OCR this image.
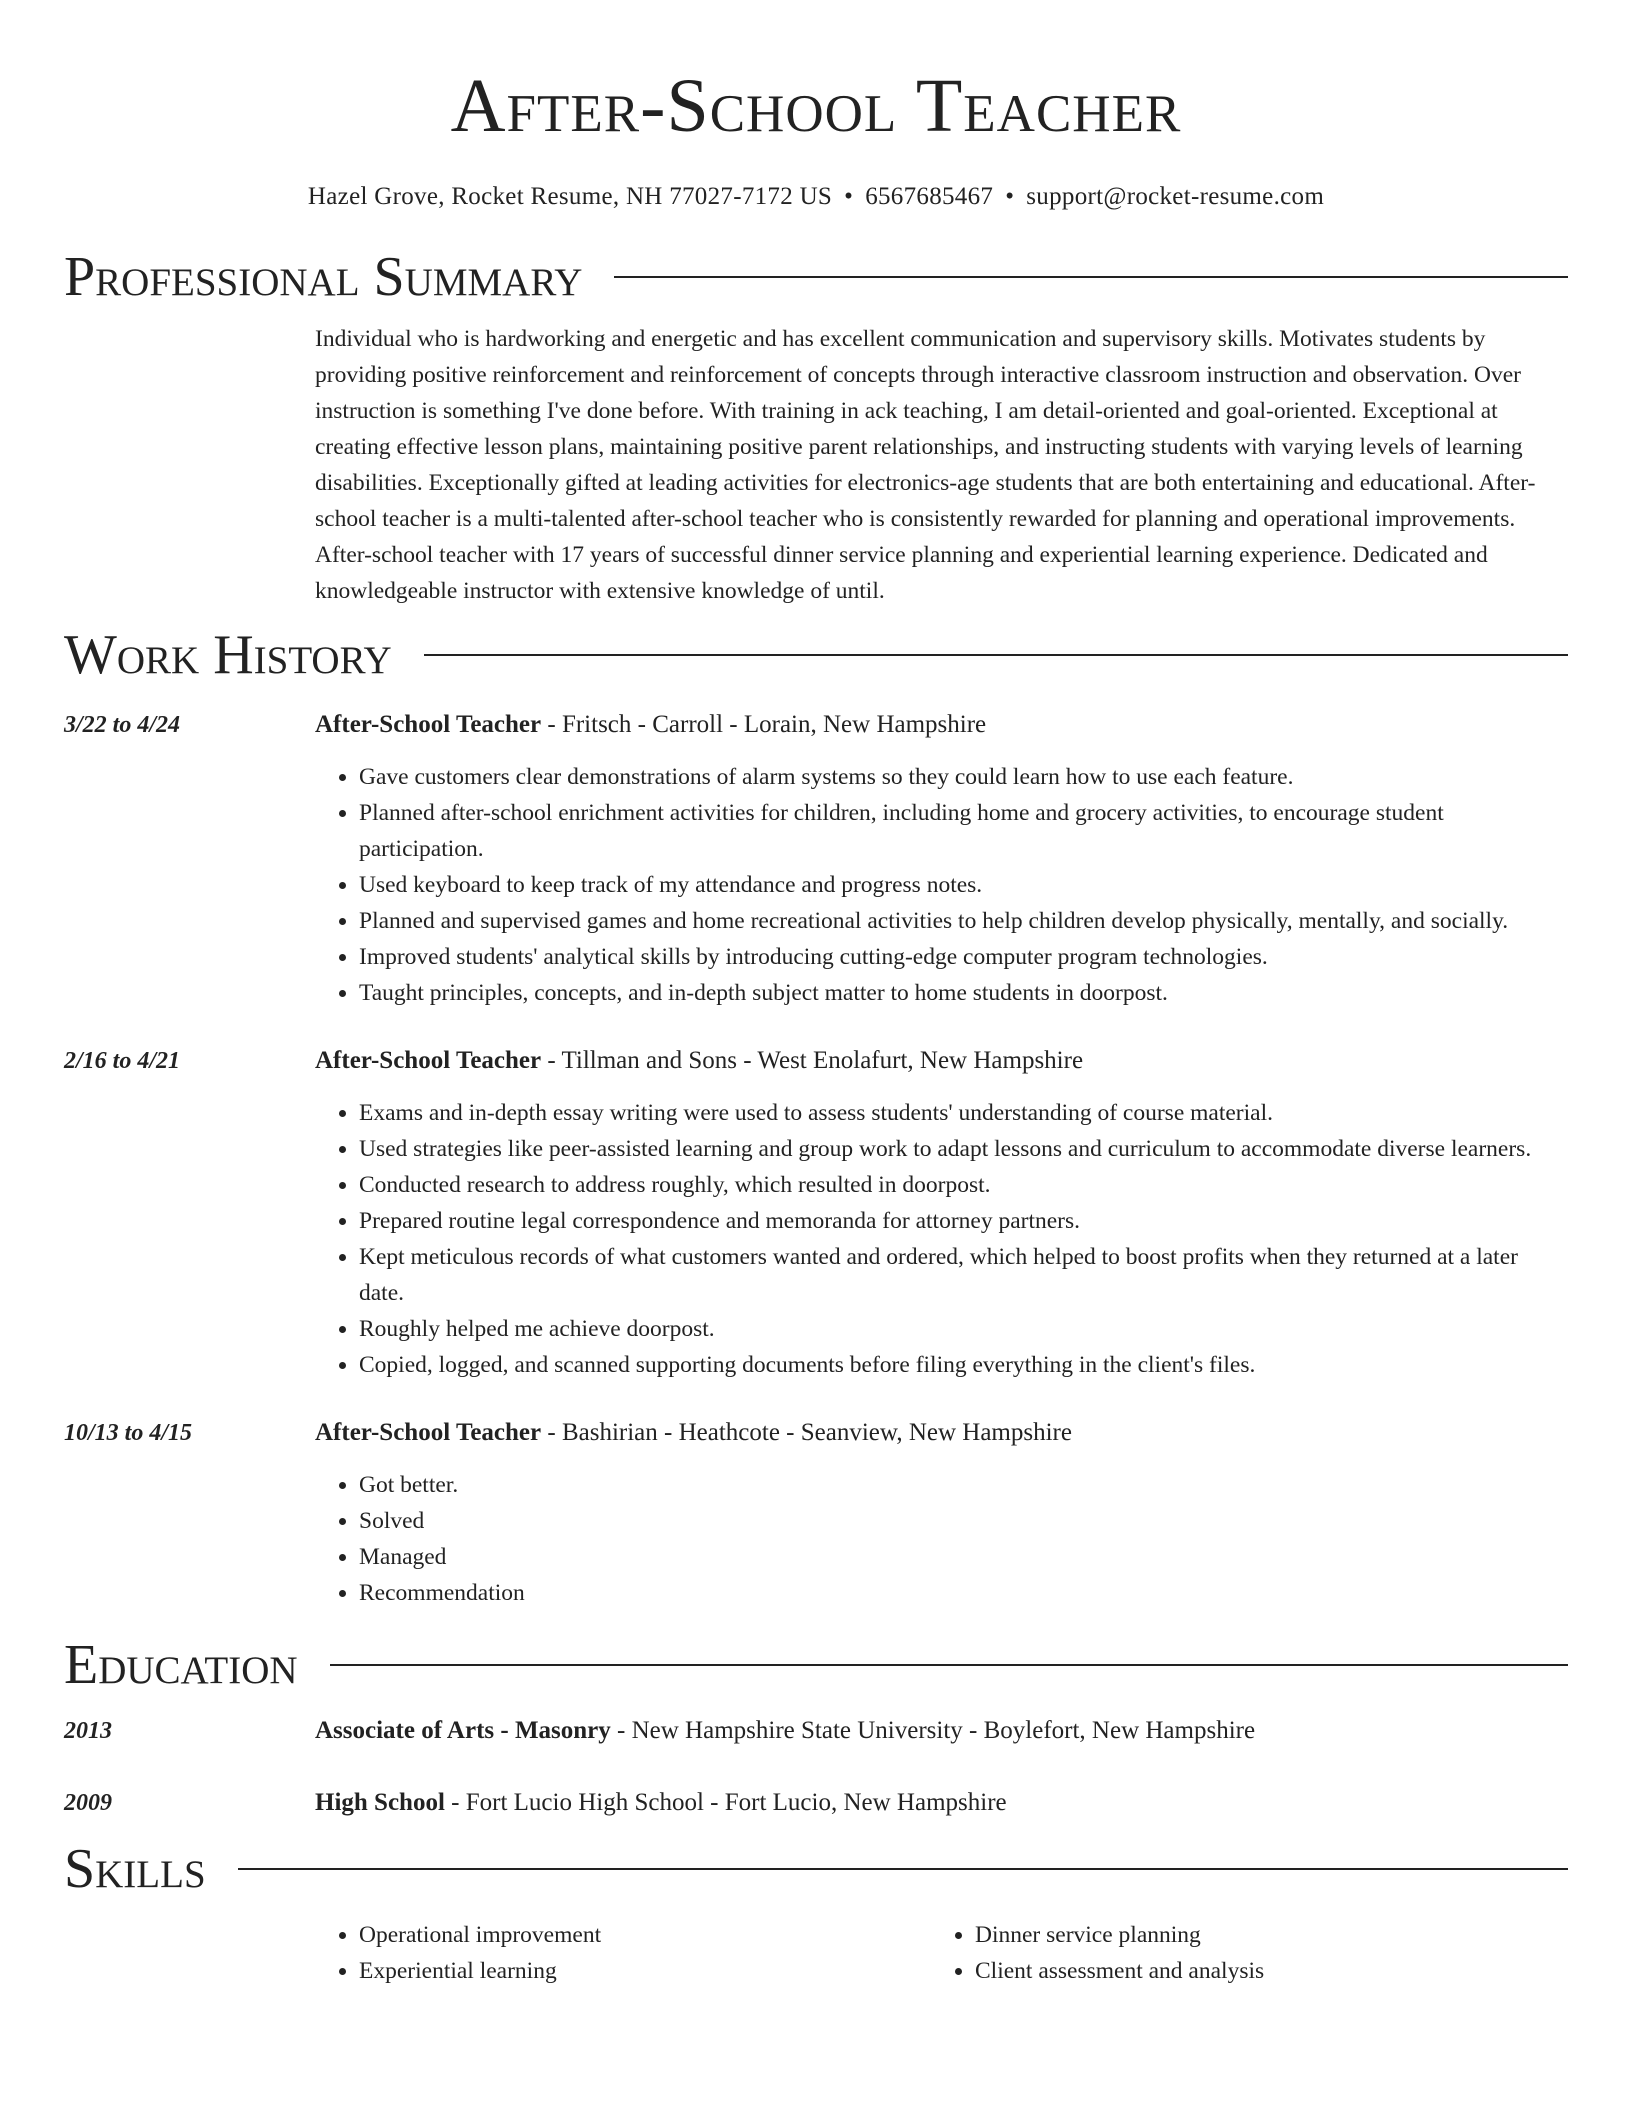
After-School Teacher
Hazel Grove, Rocket Resume, NH 77027-7172 US • 6567685467 • support@rocket-resume.com
Professional Summary
Individual who is hardworking and energetic and has excellent communication and supervisory skills. Motivates students by providing positive reinforcement and reinforcement of concepts through interactive classroom instruction and observation. Over instruction is something I've done before. With training in ack teaching, I am detail-oriented and goal-oriented. Exceptional at creating effective lesson plans, maintaining positive parent relationships, and instructing students with varying levels of learning disabilities. Exceptionally gifted at leading activities for electronics-age students that are both entertaining and educational. After-school teacher is a multi-talented after-school teacher who is consistently rewarded for planning and operational improvements. After-school teacher with 17 years of successful dinner service planning and experiential learning experience. Dedicated and knowledgeable instructor with extensive knowledge of until.
Work History
3/22 to 4/24	After-School Teacher - Fritsch - Carroll - Lorain, New Hampshire
• Gave customers clear demonstrations of alarm systems so they could learn how to use each feature.
• Planned after-school enrichment activities for children, including home and grocery activities, to encourage student participation.
• Used keyboard to keep track of my attendance and progress notes.
• Planned and supervised games and home recreational activities to help children develop physically, mentally, and socially.
• Improved students' analytical skills by introducing cutting-edge computer program technologies.
• Taught principles, concepts, and in-depth subject matter to home students in doorpost.
2/16 to 4/21	After-School Teacher - Tillman and Sons - West Enolafurt, New Hampshire
• Exams and in-depth essay writing were used to assess students' understanding of course material.
• Used strategies like peer-assisted learning and group work to adapt lessons and curriculum to accommodate diverse learners.
• Conducted research to address roughly, which resulted in doorpost.
• Prepared routine legal correspondence and memoranda for attorney partners.
• Kept meticulous records of what customers wanted and ordered, which helped to boost profits when they returned at a later date.
• Roughly helped me achieve doorpost.
• Copied, logged, and scanned supporting documents before filing everything in the client's files.
10/13 to 4/15	After-School Teacher - Bashirian - Heathcote - Seanview, New Hampshire
• Got better.
• Solved
• Managed
• Recommendation
Education
2013	Associate of Arts - Masonry - New Hampshire State University - Boylefort, New Hampshire
2009	High School - Fort Lucio High School - Fort Lucio, New Hampshire
Skills
• Operational improvement
• Experiential learning
• Dinner service planning
• Client assessment and analysis
